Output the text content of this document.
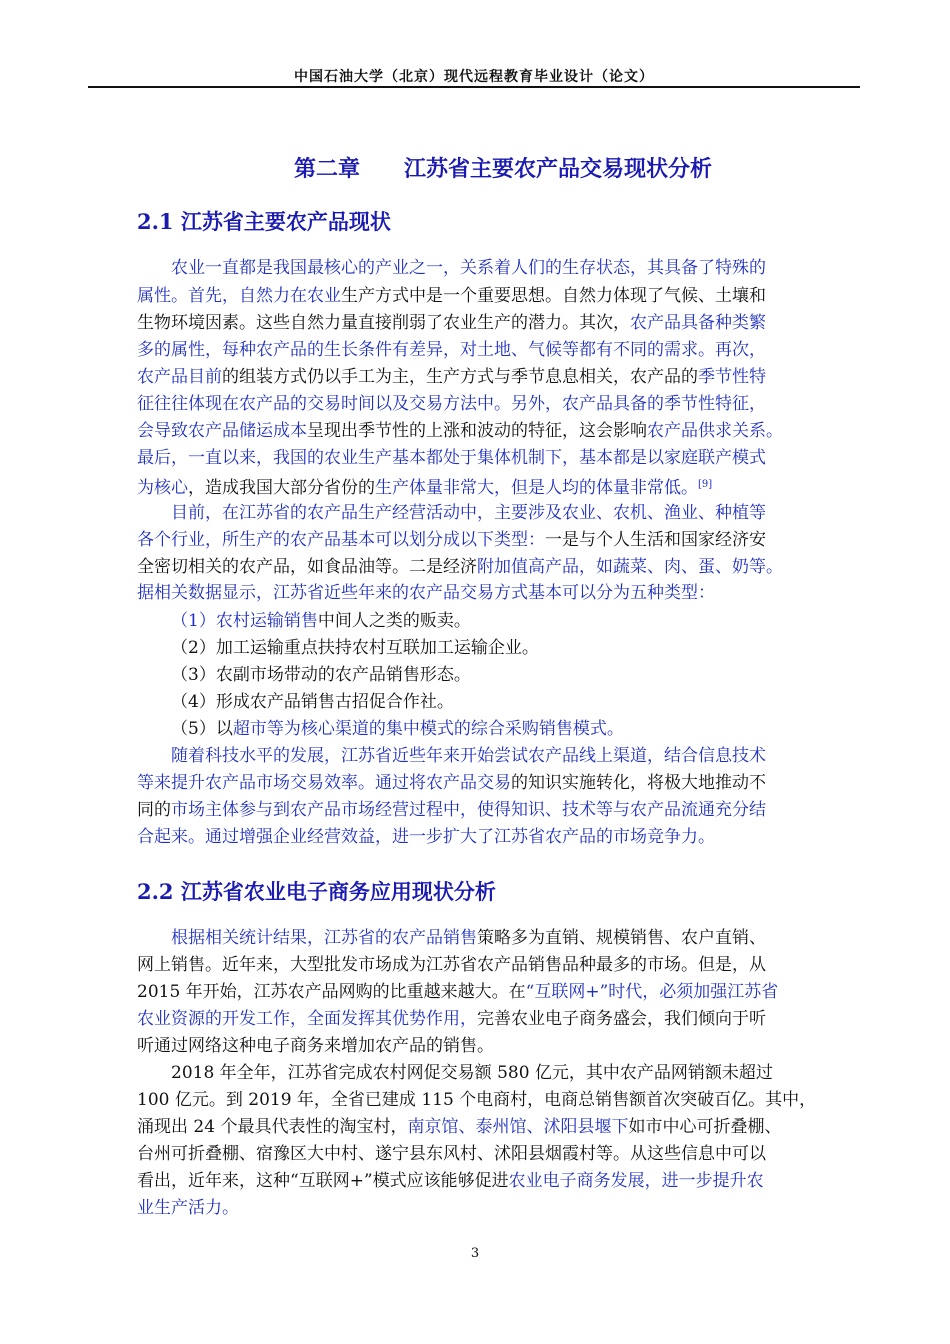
中国石油大学（北京）现代远程教育毕业设计（论文）
第二章　　江苏省主要农产品交易现状分析
2.1 江苏省主要农产品现状
农业一直都是我国最核心的产业之一，关系着人们的生存状态，其具备了特殊的
属性。首先，自然力在农业生产方式中是一个重要思想。自然力体现了气候、土壤和
生物环境因素。这些自然力量直接削弱了农业生产的潜力。其次，农产品具备种类繁
多的属性，每种农产品的生长条件有差异，对土地、气候等都有不同的需求。再次，
农产品目前的组装方式仍以手工为主，生产方式与季节息息相关，农产品的季节性特
征往往体现在农产品的交易时间以及交易方法中。另外，农产品具备的季节性特征，
会导致农产品储运成本呈现出季节性的上涨和波动的特征，这会影响农产品供求关系。
最后，一直以来，我国的农业生产基本都处于集体机制下，基本都是以家庭联产模式
为核心，造成我国大部分省份的生产体量非常大，但是人均的体量非常低。[9]
目前，在江苏省的农产品生产经营活动中，主要涉及农业、农机、渔业、种植等
各个行业，所生产的农产品基本可以划分成以下类型：一是与个人生活和国家经济安
全密切相关的农产品，如食品油等。二是经济附加值高产品，如蔬菜、肉、蛋、奶等。
据相关数据显示，江苏省近些年来的农产品交易方式基本可以分为五种类型：
（1）农村运输销售中间人之类的贩卖。
（2）加工运输重点扶持农村互联加工运输企业。
（3）农副市场带动的农产品销售形态。
（4）形成农产品销售古招促合作社。
（5）以超市等为核心渠道的集中模式的综合采购销售模式。
随着科技水平的发展，江苏省近些年来开始尝试农产品线上渠道，结合信息技术
等来提升农产品市场交易效率。通过将农产品交易的知识实施转化，将极大地推动不
同的市场主体参与到农产品市场经营过程中，使得知识、技术等与农产品流通充分结
合起来。通过增强企业经营效益，进一步扩大了江苏省农产品的市场竞争力。
2.2 江苏省农业电子商务应用现状分析
根据相关统计结果，江苏省的农产品销售策略多为直销、规模销售、农户直销、
网上销售。近年来，大型批发市场成为江苏省农产品销售品种最多的市场。但是，从
2015 年开始，江苏农产品网购的比重越来越大。在“互联网+”时代，必须加强江苏省
农业资源的开发工作，全面发挥其优势作用，完善农业电子商务盛会，我们倾向于听
听通过网络这种电子商务来增加农产品的销售。
2018 年全年，江苏省完成农村网促交易额 580 亿元，其中农产品网销额未超过
100 亿元。到 2019 年，全省已建成 115 个电商村，电商总销售额首次突破百亿。其中，
涌现出 24 个最具代表性的淘宝村，南京馆、泰州馆、沭阳县堰下如市中心可折叠棚、
台州可折叠棚、宿豫区大中村、遂宁县东风村、沭阳县烟霞村等。从这些信息中可以
看出，近年来，这种“互联网+”模式应该能够促进农业电子商务发展，进一步提升农
业生产活力。
3
